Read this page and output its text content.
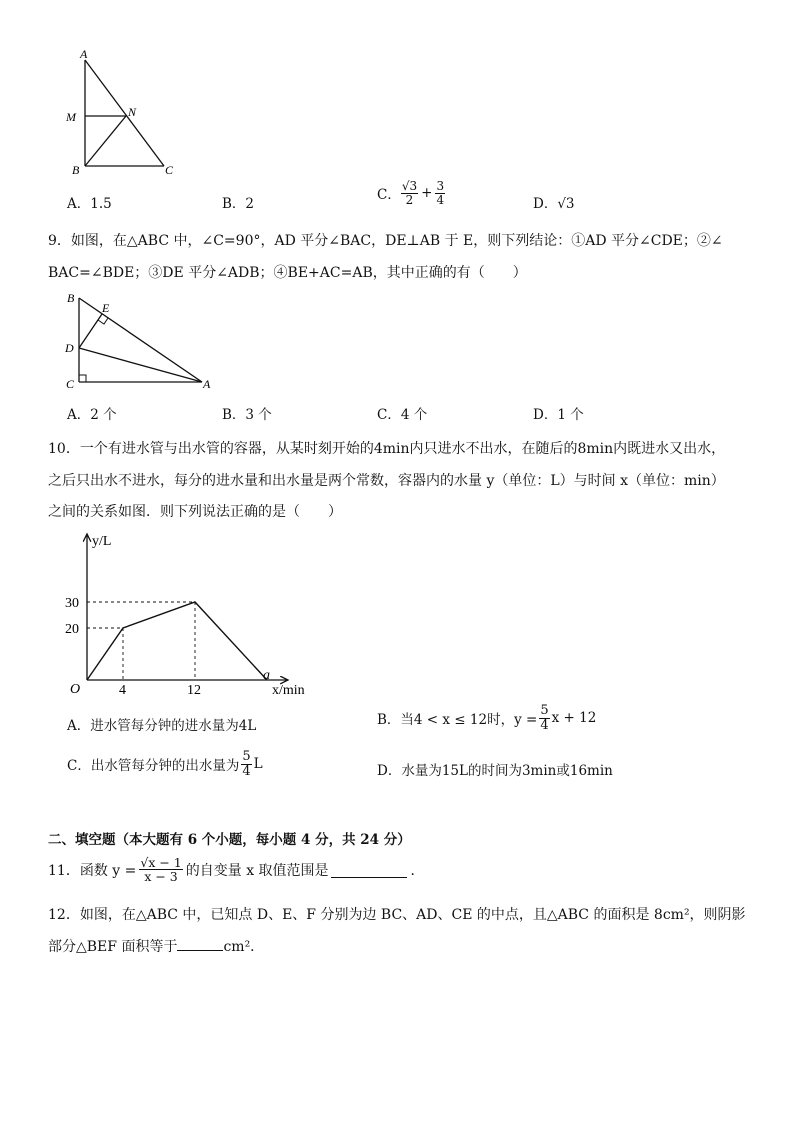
A
M	N
B	C
A．1.5	B．2
C． $\frac{√3}{2} + \frac{3}{4}$	D．√3
9．如图，在△ABC 中，∠C=90°，AD 平分∠BAC，DE⊥AB 于 E，则下列结论：①AD 平分∠CDE；②∠
BAC=∠BDE；③DE 平分∠ADB；④BE+AC=AB，其中正确的有（　　）
B
E
D
C	A
A．2 个	B．3 个	C．4 个	D．1 个
10．一个有进水管与出水管的容器，从某时刻开始的4min内只进水不出水，在随后的8min内既进水又出水，
之后只出水不进水，每分的进水量和出水量是两个常数，容器内的水量 y（单位：L）与时间 x（单位：min）
之间的关系如图．则下列说法正确的是（　　）
y/L
x/min
O
20
30
4	12
a
A．进水管每分钟的进水量为4L	B．当4 < x ≤ 12时，$y = \frac{5}{4}$ x + 12
C．出水管每分钟的出水量为 $\frac{5}{4}$ L	D．水量为15L的时间为3min或16min
二、填空题（本大题有 6 个小题，每小题 4 分，共 24 分）
11．函数 $y = \frac{√x - 1}{x - 3}$ 的自变量 x 取值范围是	．
12．如图，在△ABC 中，已知点 D、E、F 分别为边 BC、AD、CE 的中点，且△ABC 的面积是 8cm²，则阴影
部分△BEF 面积等于	cm²．
